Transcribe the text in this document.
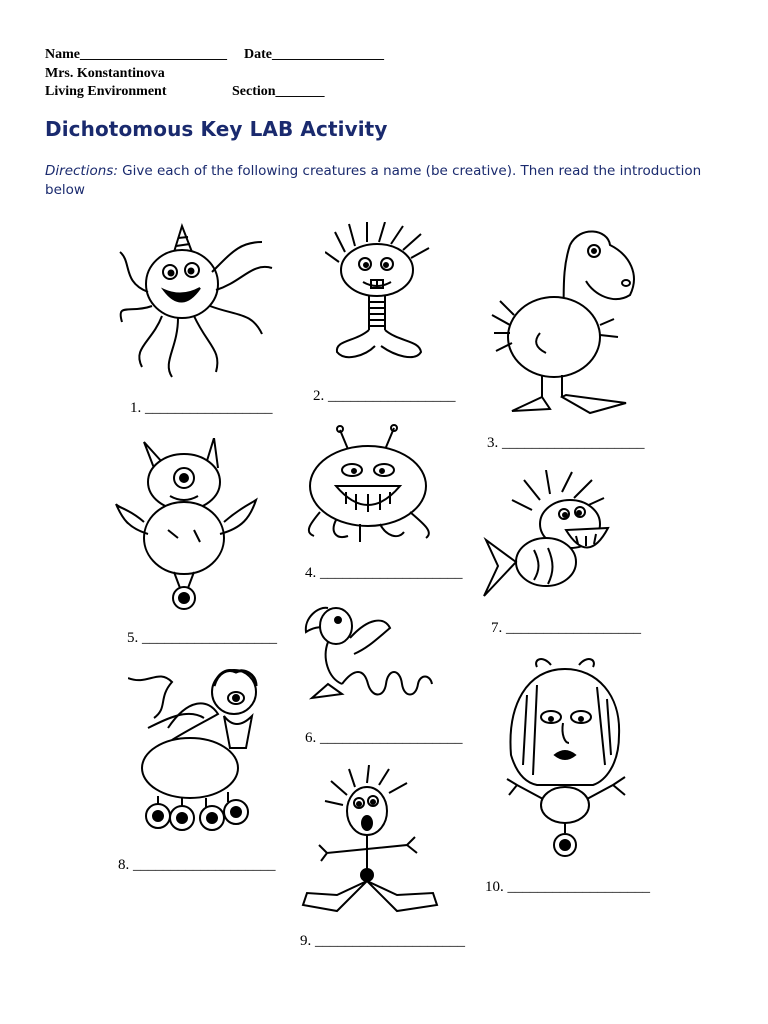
Name_____________________ Date________________
Mrs. Konstantinova
Living Environment	Section_______
Dichotomous Key LAB Activity
Directions: Give each of the following creatures a name (be creative). Then read the introduction below
1. _________________
2. _________________
3. ___________________
4. ___________________
5. __________________
6. ___________________
7. __________________
8. ___________________
9. ____________________
10. ___________________
